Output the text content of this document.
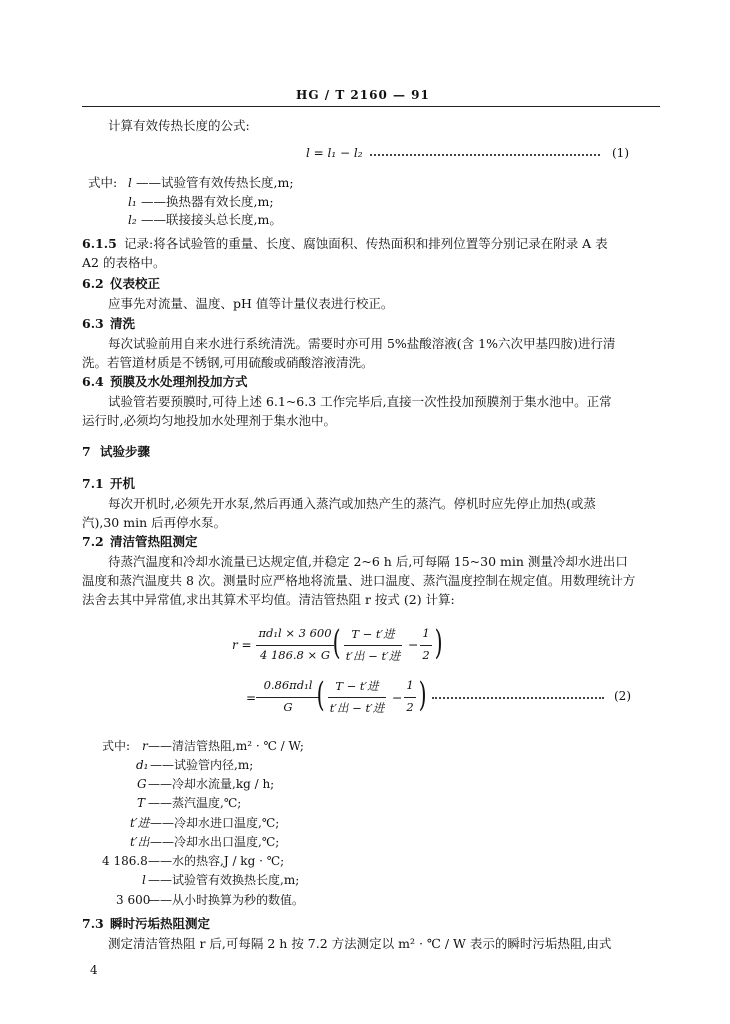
HG / T 2160 — 91
计算有效传热长度的公式:
l = l₁ − l₂	(1)
式中: l ——试验管有效传热长度,m;
l₁ ——换热器有效长度,m;
l₂ ——联接接头总长度,m。
6.1.5 记录:将各试验管的重量、长度、腐蚀面积、传热面积和排列位置等分别记录在附录 A 表
A2 的表格中。
6.2 仪表校正
应事先对流量、温度、pH 值等计量仪表进行校正。
6.3 清洗
每次试验前用自来水进行系统清洗。需要时亦可用 5%盐酸溶液(含 1%六次甲基四胺)进行清
洗。若管道材质是不锈钢,可用硫酸或硝酸溶液清洗。
6.4 预膜及水处理剂投加方式
试验管若要预膜时,可待上述 6.1~6.3 工作完毕后,直接一次性投加预膜剂于集水池中。正常
运行时,必须均匀地投加水处理剂于集水池中。
7 试验步骤
7.1 开机
每次开机时,必须先开水泵,然后再通入蒸汽或加热产生的蒸汽。停机时应先停止加热(或蒸
汽),30 min 后再停水泵。
7.2 清洁管热阻测定
待蒸汽温度和冷却水流量已达规定值,并稳定 2~6 h 后,可每隔 15~30 min 测量冷却水进出口
温度和蒸汽温度共 8 次。测量时应严格地将流量、进口温度、蒸汽温度控制在规定值。用数理统计方
法舍去其中异常值,求出其算术平均值。清洁管热阻 r 按式 (2) 计算:
r =
πd₁l × 3 600
4 186.8 × G ( T − t′进
t′出 − t′进
−
1
2 )
=
0.86πd₁l
G ( T − t′进
t′出 − t′进
−
1
2 )	(2)
式中: r ——清洁管热阻,m² · ℃ / W;
d₁ ——试验管内径,m;
G ——冷却水流量,kg / h;
T ——蒸汽温度,℃;
t′进 ——冷却水进口温度,℃;
t′出 ——冷却水出口温度,℃;
4 186.8 ——水的热容,J / kg · ℃;
l ——试验管有效换热长度,m;
3 600
——从小时换算为秒的数值。
7.3 瞬时污垢热阻测定
测定清洁管热阻 r 后,可每隔 2 h 按 7.2 方法测定以 m² · ℃ / W 表示的瞬时污垢热阻,由式
4
